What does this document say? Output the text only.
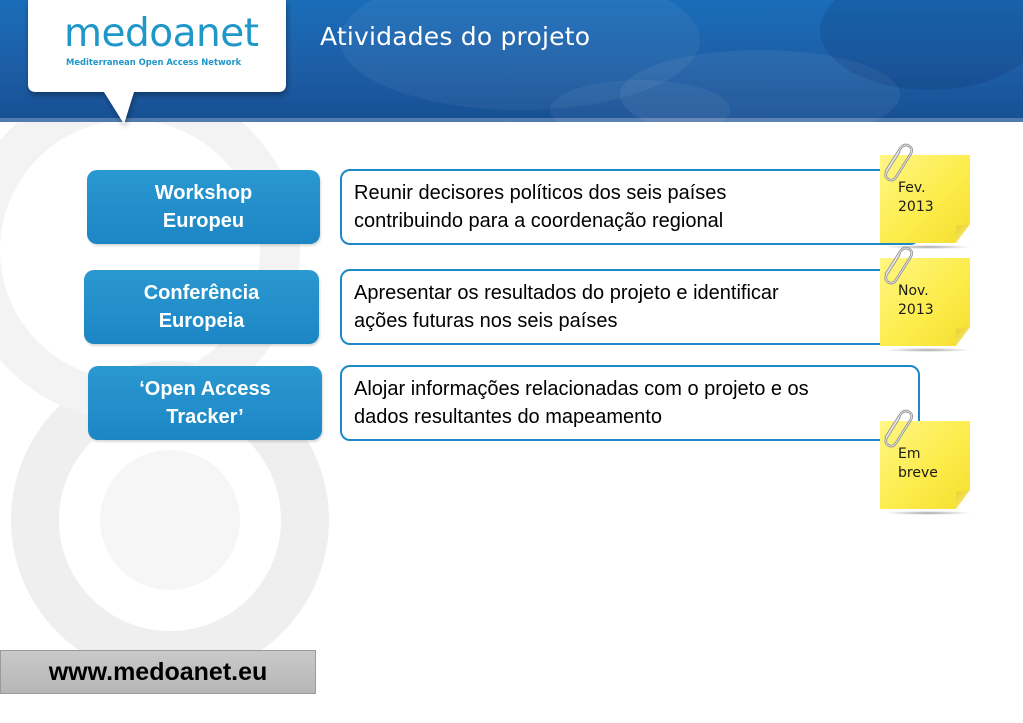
Atividades do projeto
medoanet
Mediterranean Open Access Network
Workshop
Europeu
Reunir decisores políticos dos seis países
contribuindo para a coordenação regional
Conferência
Europeia
Apresentar os resultados do projeto e identificar
ações futuras nos seis países
‘Open Access
Tracker’
Alojar informações relacionadas com o projeto e os
dados resultantes do mapeamento
Fev.
2013
Nov.
2013
Em
breve
www.medoanet.eu
